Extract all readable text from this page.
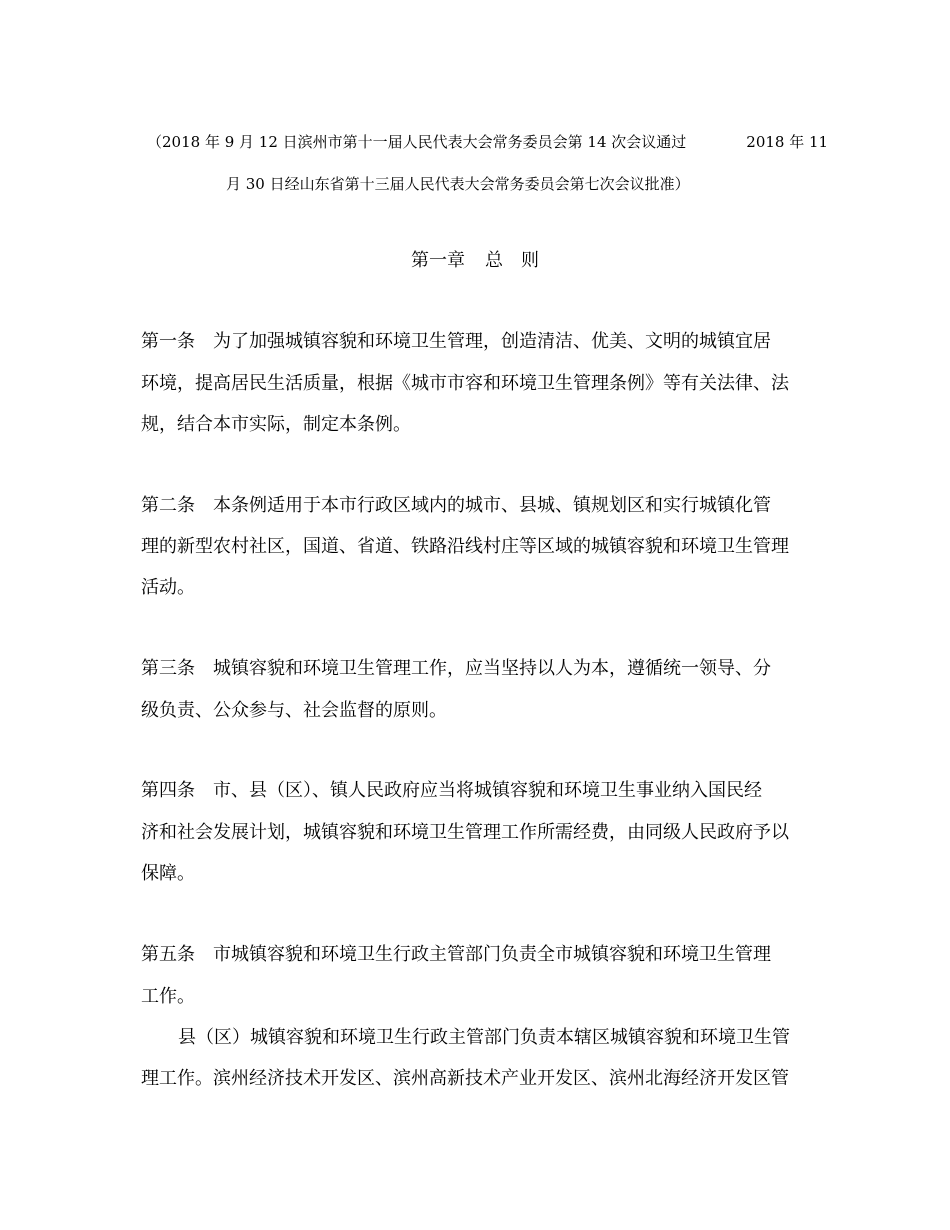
（2018 年 9 月 12 日滨州市第十一届人民代表大会常务委员会第 14 次会议通过	2018 年 11
月 30 日经山东省第十三届人民代表大会常务委员会第七次会议批准）
第一章 总　则
第一条 为了加强城镇容貌和环境卫生管理，创造清洁、优美、文明的城镇宜居
环境，提高居民生活质量，根据《城市市容和环境卫生管理条例》等有关法律、法
规，结合本市实际，制定本条例。
第二条 本条例适用于本市行政区域内的城市、县城、镇规划区和实行城镇化管
理的新型农村社区，国道、省道、铁路沿线村庄等区域的城镇容貌和环境卫生管理
活动。
第三条 城镇容貌和环境卫生管理工作，应当坚持以人为本，遵循统一领导、分
级负责、公众参与、社会监督的原则。
第四条 市、县（区）、镇人民政府应当将城镇容貌和环境卫生事业纳入国民经
济和社会发展计划，城镇容貌和环境卫生管理工作所需经费，由同级人民政府予以
保障。
第五条 市城镇容貌和环境卫生行政主管部门负责全市城镇容貌和环境卫生管理
工作。
县（区）城镇容貌和环境卫生行政主管部门负责本辖区城镇容貌和环境卫生管
理工作。滨州经济技术开发区、滨州高新技术产业开发区、滨州北海经济开发区管
